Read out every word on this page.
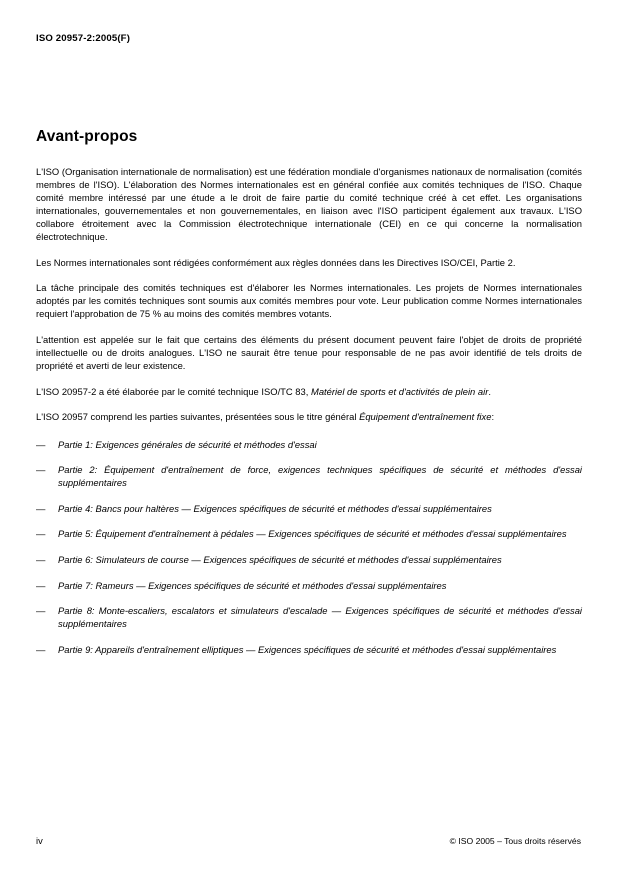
ISO 20957-2:2005(F)
Avant-propos

L'ISO (Organisation internationale de normalisation) est une fédération mondiale d'organismes nationaux de normalisation (comités membres de l'ISO). L'élaboration des Normes internationales est en général confiée aux comités techniques de l'ISO. Chaque comité membre intéressé par une étude a le droit de faire partie du comité technique créé à cet effet. Les organisations internationales, gouvernementales et non gouvernementales, en liaison avec l'ISO participent également aux travaux. L'ISO collabore étroitement avec la Commission électrotechnique internationale (CEI) en ce qui concerne la normalisation électrotechnique.

Les Normes internationales sont rédigées conformément aux règles données dans les Directives ISO/CEI, Partie 2.

La tâche principale des comités techniques est d'élaborer les Normes internationales. Les projets de Normes internationales adoptés par les comités techniques sont soumis aux comités membres pour vote. Leur publication comme Normes internationales requiert l'approbation de 75 % au moins des comités membres votants.

L'attention est appelée sur le fait que certains des éléments du présent document peuvent faire l'objet de droits de propriété intellectuelle ou de droits analogues. L'ISO ne saurait être tenue pour responsable de ne pas avoir identifié de tels droits de propriété et averti de leur existence.

L'ISO 20957-2 a été élaborée par le comité technique ISO/TC 83, Matériel de sports et d'activités de plein air.

L'ISO 20957 comprend les parties suivantes, présentées sous le titre général Équipement d'entraînement fixe:

—	Partie 1: Exigences générales de sécurité et méthodes d'essai
—	Partie 2: Équipement d'entraînement de force, exigences techniques spécifiques de sécurité et méthodes d'essai supplémentaires
—	Partie 4: Bancs pour haltères — Exigences spécifiques de sécurité et méthodes d'essai supplémentaires
—	Partie 5: Équipement d'entraînement à pédales — Exigences spécifiques de sécurité et méthodes d'essai supplémentaires
—	Partie 6: Simulateurs de course — Exigences spécifiques de sécurité et méthodes d'essai supplémentaires
—	Partie 7: Rameurs — Exigences spécifiques de sécurité et méthodes d'essai supplémentaires
—	Partie 8: Monte-escaliers, escalators et simulateurs d'escalade — Exigences spécifiques de sécurité et méthodes d'essai supplémentaires
—	Partie 9: Appareils d'entraînement elliptiques — Exigences spécifiques de sécurité et méthodes d'essai supplémentaires
iv	© ISO 2005 – Tous droits réservés
